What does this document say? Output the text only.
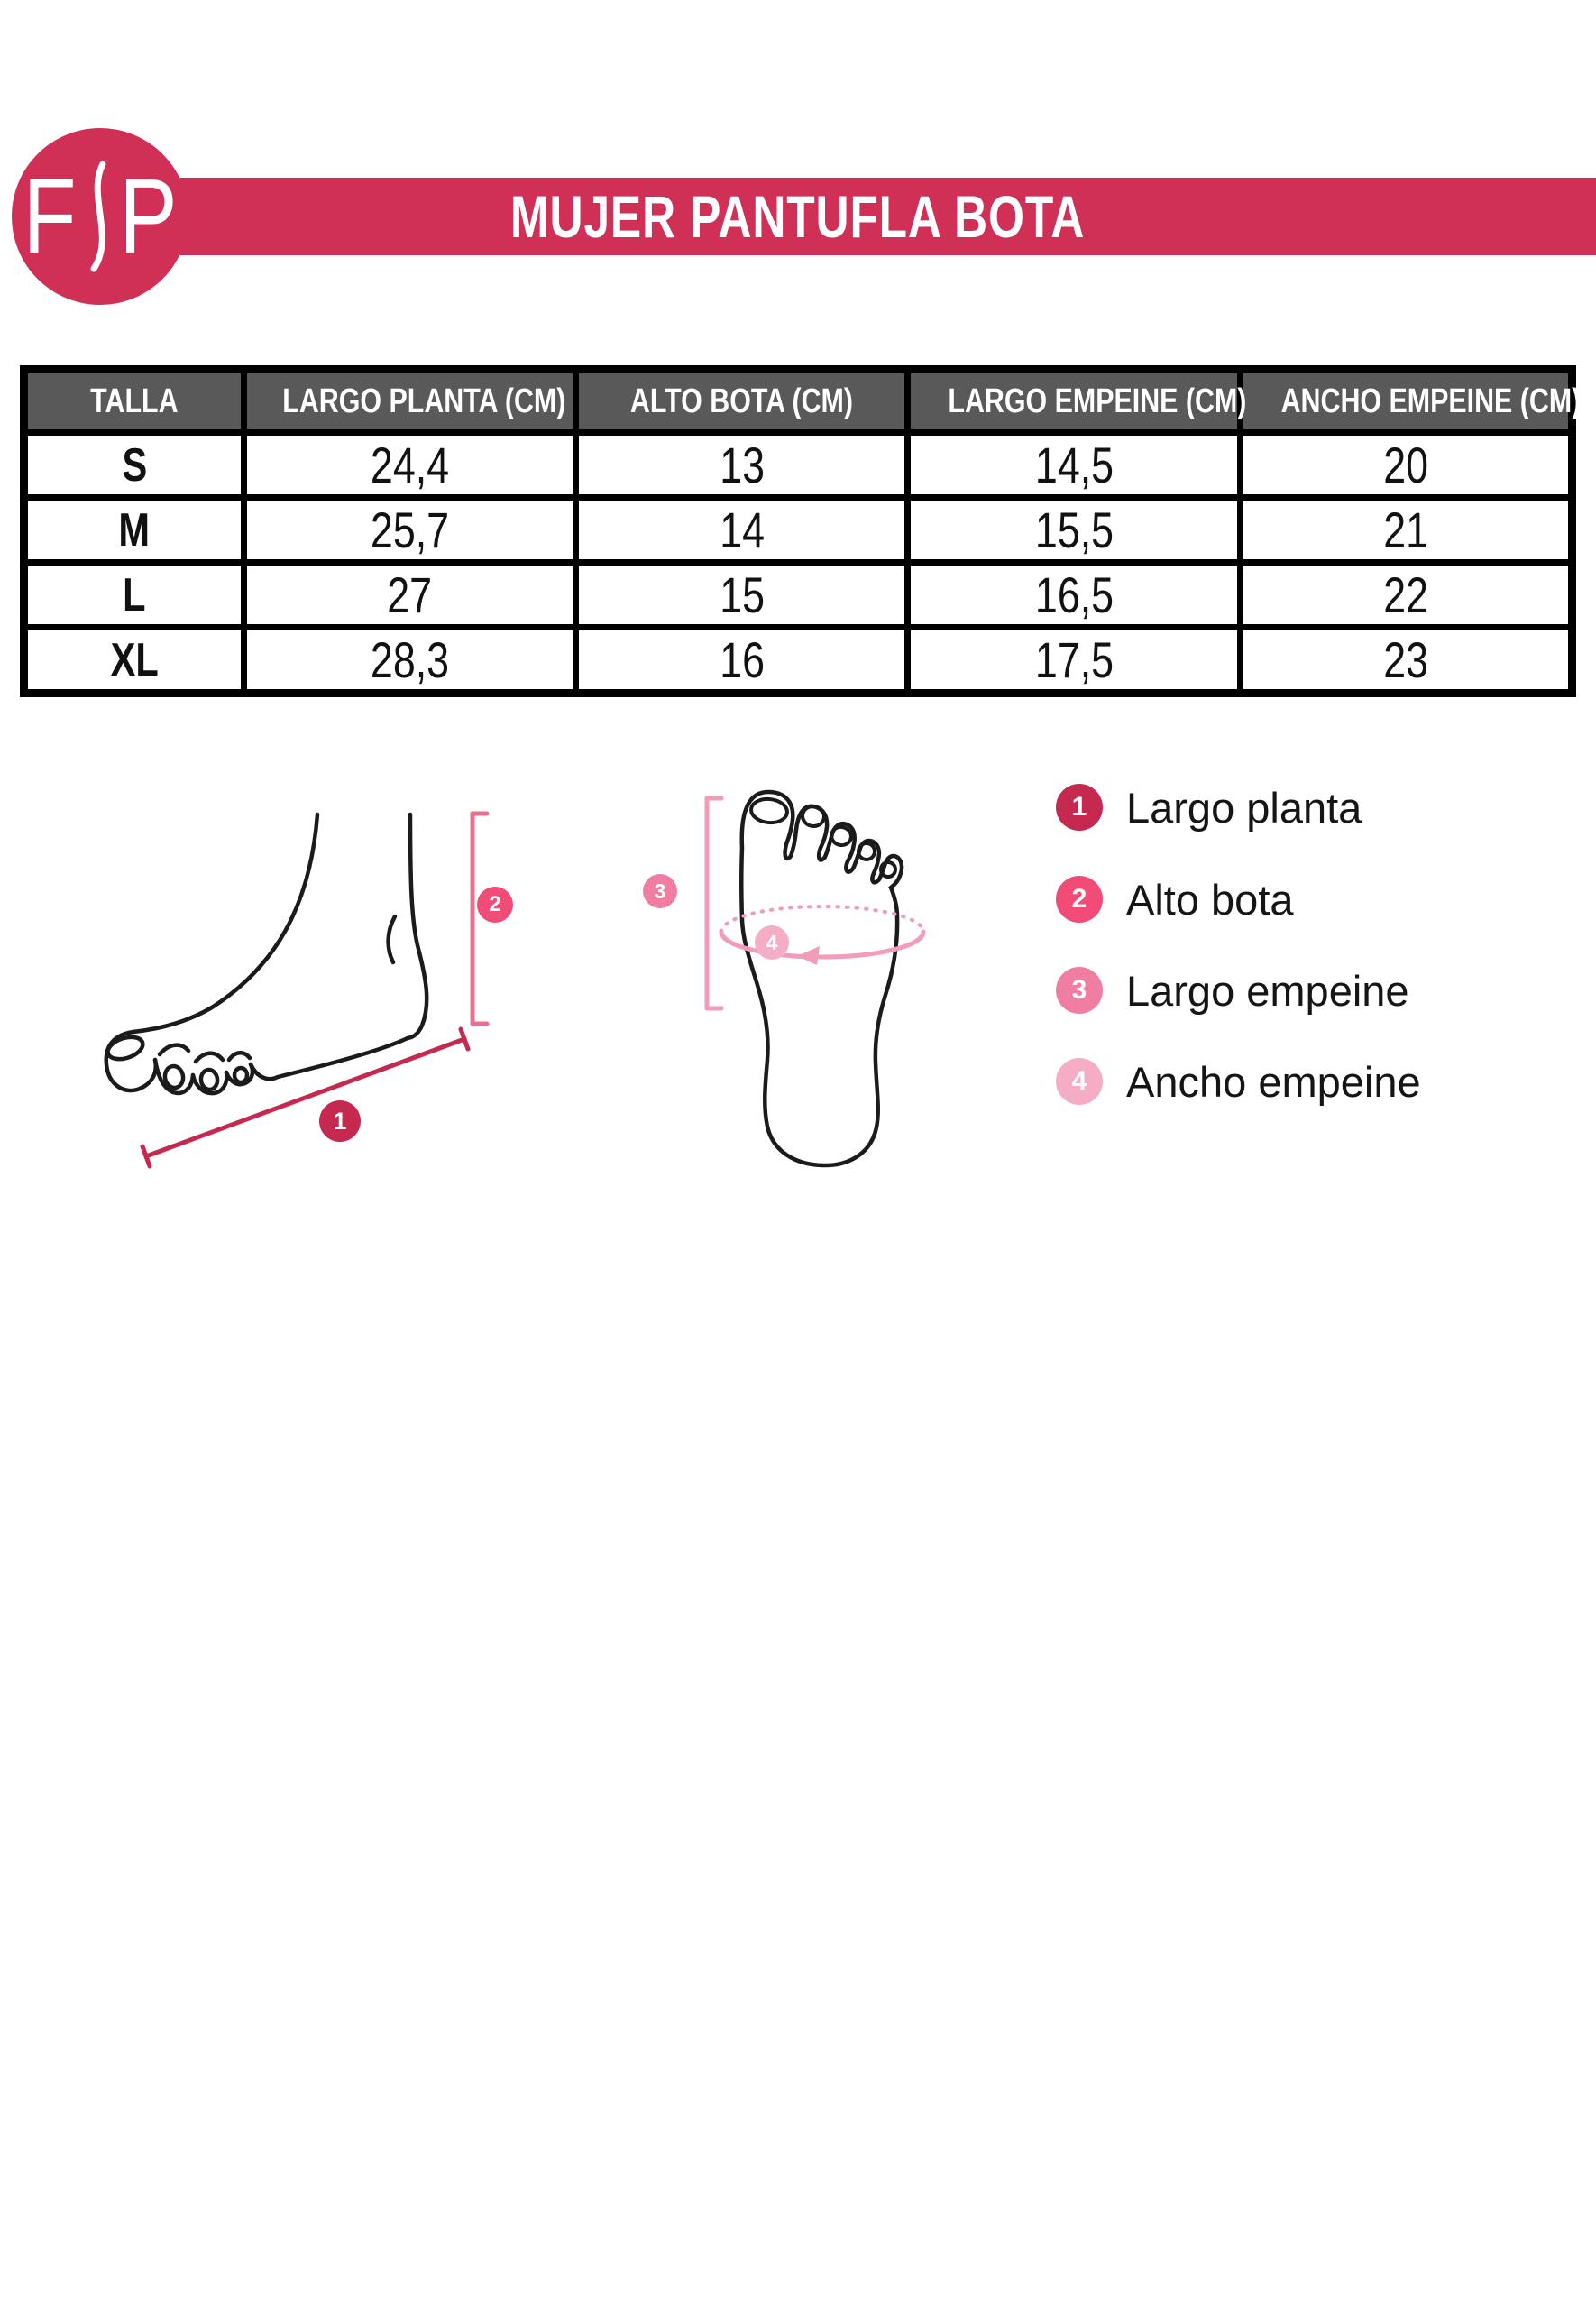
MUJER PANTUFLA BOTA
F P
TALLA	LARGO PLANTA (CM)	ALTO BOTA (CM)	LARGO EMPEINE (CM)	ANCHO EMPEINE (CM)
S	24,4	13	14,5	20
M	25,7	14	15,5	21
L	27	15	16,5	22
XL	28,3	16	17,5	23
1
2
3
4
1 Largo planta
2 Alto bota
3 Largo empeine
4 Ancho empeine
